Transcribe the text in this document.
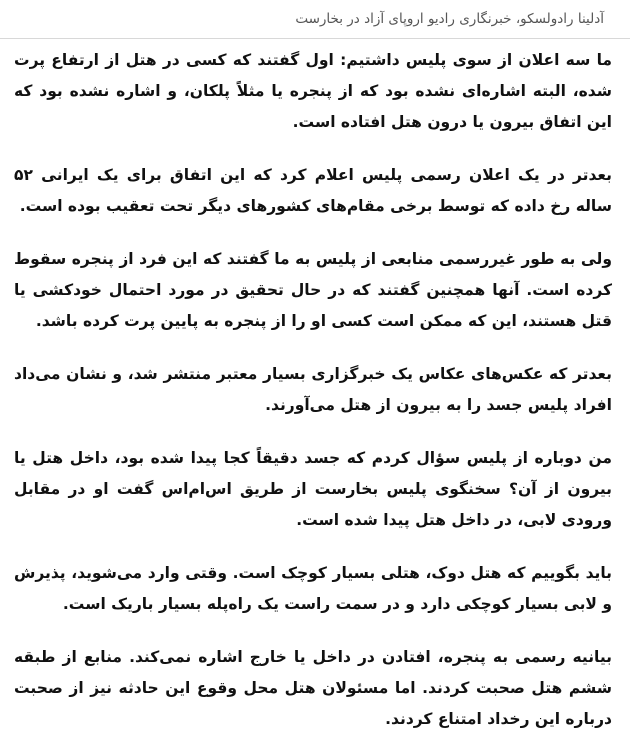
آدلینا رادولسکو، خبرنگاری رادیو اروپای آزاد در بخارست

ما سه اعلان از سوی پلیس داشتیم: اول گفتند که کسی در هتل از ارتفاع پرت شده، البته اشاره‌ای نشده بود که از پنجره یا مثلاً پلکان، و اشاره نشده بود که این اتفاق بیرون یا درون هتل افتاده است.

بعدتر در یک اعلان رسمی پلیس اعلام کرد که این اتفاق برای یک ایرانی ۵۲ ساله رخ داده که توسط برخی مقام‌های کشورهای دیگر تحت تعقیب بوده است.

ولی به طور غیررسمی منابعی از پلیس به ما گفتند که این فرد از پنجره سقوط کرده است. آنها همچنین گفتند که در حال تحقیق در مورد احتمال خودکشی یا قتل هستند، این که ممکن است کسی او را از پنجره به پایین پرت کرده باشد.

بعدتر که عکس‌های عکاس یک خبرگزاری بسیار معتبر منتشر شد، و نشان می‌داد افراد پلیس جسد را به بیرون از هتل می‌آورند.

من دوباره از پلیس سؤال کردم که جسد دقیقاً کجا پیدا شده بود، داخل هتل یا بیرون از آن؟ سخنگوی پلیس بخارست از طریق اس‌ام‌اس گفت او در مقابل ورودی لابی، در داخل هتل پیدا شده است.

باید بگوییم که هتل دوک، هتلی بسیار کوچک است. وقتی وارد می‌شوید، پذیرش و لابی بسیار کوچکی دارد و در سمت راست یک راه‌پله بسیار باریک است.

بیانیه رسمی به پنجره، افتادن در داخل یا خارج اشاره نمی‌کند. منابع از طبقه ششم هتل صحبت کردند. اما مسئولان هتل محل وقوع این حادثه نیز از صحبت درباره این رخداد امتناع کردند.
